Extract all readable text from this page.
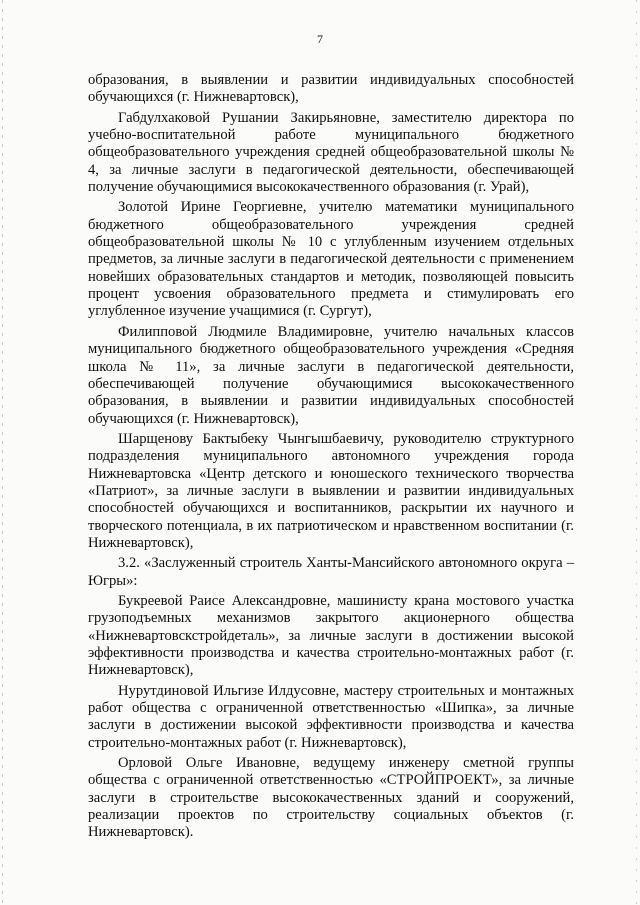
7

образования, в выявлении и развитии индивидуальных способностей обучающихся (г. Нижневартовск),

Габдулхаковой Рушании Закирьяновне, заместителю директора по учебно-воспитательной работе муниципального бюджетного общеобразовательного учреждения средней общеобразовательной школы № 4, за личные заслуги в педагогической деятельности, обеспечивающей получение обучающимися высококачественного образования (г. Урай),

Золотой Ирине Георгиевне, учителю математики муниципального бюджетного общеобразовательного учреждения средней общеобразовательной школы № 10 с углубленным изучением отдельных предметов, за личные заслуги в педагогической деятельности с применением новейших образовательных стандартов и методик, позволяющей повысить процент усвоения образовательного предмета и стимулировать его углубленное изучение учащимися (г. Сургут),

Филипповой Людмиле Владимировне, учителю начальных классов муниципального бюджетного общеобразовательного учреждения «Средняя школа № 11», за личные заслуги в педагогической деятельности, обеспечивающей получение обучающимися высококачественного образования, в выявлении и развитии индивидуальных способностей обучающихся (г. Нижневартовск),

Шарщенову Бактыбеку Чынгышбаевичу, руководителю структурного подразделения муниципального автономного учреждения города Нижневартовска «Центр детского и юношеского технического творчества «Патриот», за личные заслуги в выявлении и развитии индивидуальных способностей обучающихся и воспитанников, раскрытии их научного и творческого потенциала, в их патриотическом и нравственном воспитании (г. Нижневартовск),

3.2. «Заслуженный строитель Ханты-Мансийского автономного округа – Югры»:

Букреевой Раисе Александровне, машинисту крана мостового участка грузоподъемных механизмов закрытого акционерного общества «Нижневартовскстройдеталь», за личные заслуги в достижении высокой эффективности производства и качества строительно-монтажных работ (г. Нижневартовск),

Нурутдиновой Ильгизе Илдусовне, мастеру строительных и монтажных работ общества с ограниченной ответственностью «Шипка», за личные заслуги в достижении высокой эффективности производства и качества строительно-монтажных работ (г. Нижневартовск),

Орловой Ольге Ивановне, ведущему инженеру сметной группы общества с ограниченной ответственностью «СТРОЙПРОЕКТ», за личные заслуги в строительстве высококачественных зданий и сооружений, реализации проектов по строительству социальных объектов (г. Нижневартовск).
